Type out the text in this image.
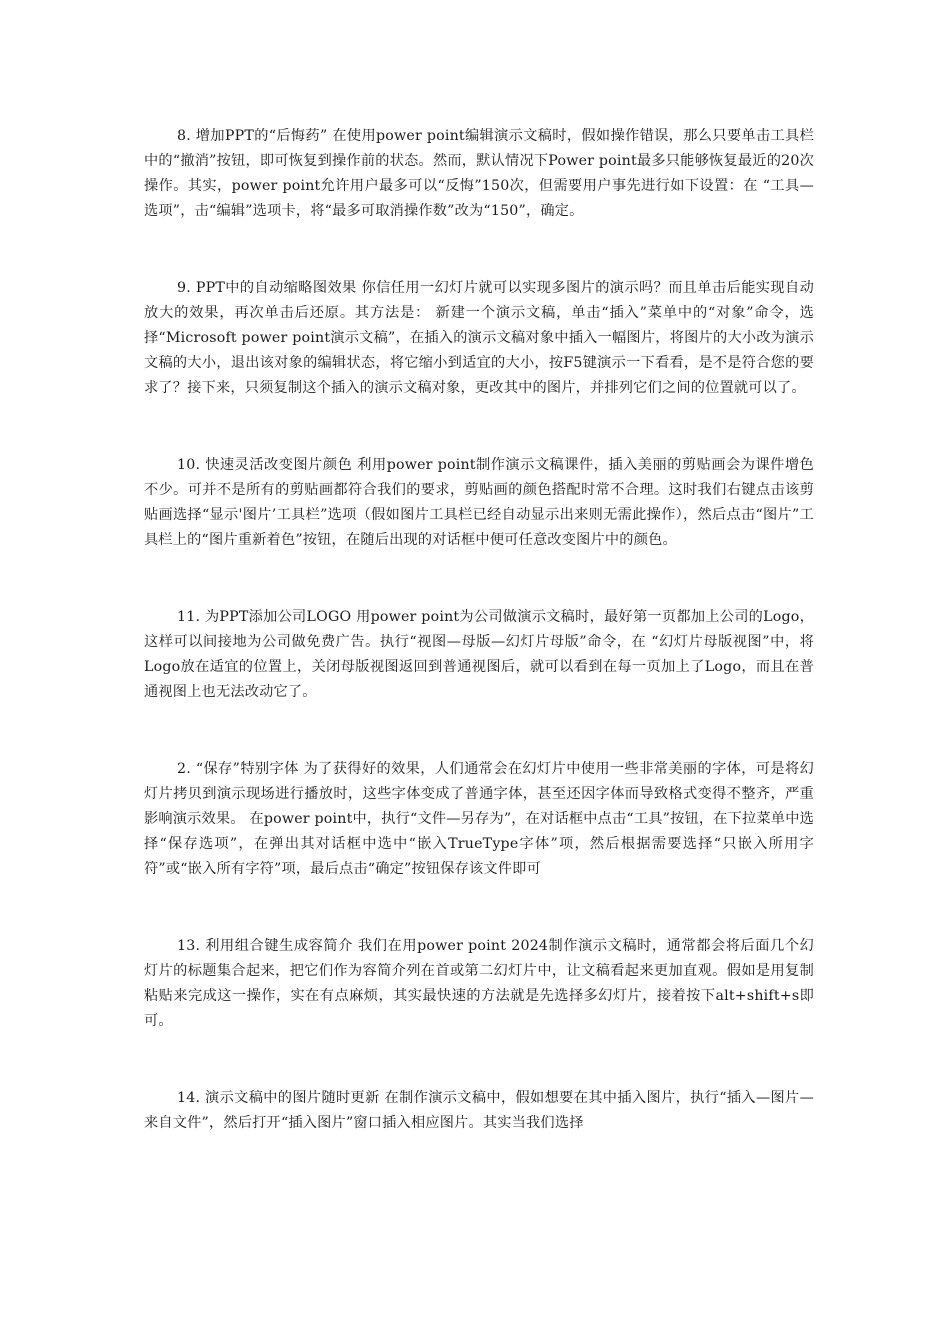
8. 增加PPT的“后悔药” 在使用power point编辑演示文稿时，假如操作错误，那么只要单击工具栏中的“撤消”按钮，即可恢复到操作前的状态。然而，默认情况下Power point最多只能够恢复最近的20次操作。其实，power point允许用户最多可以“反悔”150次，但需要用户事先进行如下设置：在 “工具—选项”，击“编辑”选项卡，将“最多可取消操作数”改为“150”，确定。

9. PPT中的自动缩略图效果 你信任用一幻灯片就可以实现多图片的演示吗？而且单击后能实现自动放大的效果，再次单击后还原。其方法是： 新建一个演示文稿，单击“插入”菜单中的“对象”命令，选择“Microsoft power point演示文稿”，在插入的演示文稿对象中插入一幅图片，将图片的大小改为演示文稿的大小，退出该对象的编辑状态，将它缩小到适宜的大小，按F5键演示一下看看，是不是符合您的要求了？接下来，只须复制这个插入的演示文稿对象，更改其中的图片，并排列它们之间的位置就可以了。

10. 快速灵活改变图片颜色 利用power point制作演示文稿课件，插入美丽的剪贴画会为课件增色不少。可并不是所有的剪贴画都符合我们的要求，剪贴画的颜色搭配时常不合理。这时我们右键点击该剪贴画选择“显示'图片’工具栏”选项（假如图片工具栏已经自动显示出来则无需此操作），然后点击“图片”工具栏上的“图片重新着色”按钮，在随后出现的对话框中便可任意改变图片中的颜色。

11. 为PPT添加公司LOGO 用power point为公司做演示文稿时，最好第一页都加上公司的Logo，这样可以间接地为公司做免费广告。执行“视图—母版—幻灯片母版”命令，在 “幻灯片母版视图”中，将Logo放在适宜的位置上，关闭母版视图返回到普通视图后，就可以看到在每一页加上了Logo，而且在普通视图上也无法改动它了。

2. “保存”特别字体 为了获得好的效果，人们通常会在幻灯片中使用一些非常美丽的字体，可是将幻灯片拷贝到演示现场进行播放时，这些字体变成了普通字体，甚至还因字体而导致格式变得不整齐，严重影响演示效果。 在power point中，执行“文件—另存为”，在对话框中点击“工具”按钮，在下拉菜单中选择“保存选项”，在弹出其对话框中选中“嵌入TrueType字体”项，然后根据需要选择“只嵌入所用字符”或“嵌入所有字符”项，最后点击“确定”按钮保存该文件即可

13. 利用组合键生成容简介 我们在用power point 2024制作演示文稿时，通常都会将后面几个幻灯片的标题集合起来，把它们作为容简介列在首或第二幻灯片中，让文稿看起来更加直观。假如是用复制粘贴来完成这一操作，实在有点麻烦，其实最快速的方法就是先选择多幻灯片，接着按下alt+shift+s即可。

14. 演示文稿中的图片随时更新 在制作演示文稿中，假如想要在其中插入图片，执行“插入—图片—来自文件”，然后打开“插入图片”窗口插入相应图片。其实当我们选择
